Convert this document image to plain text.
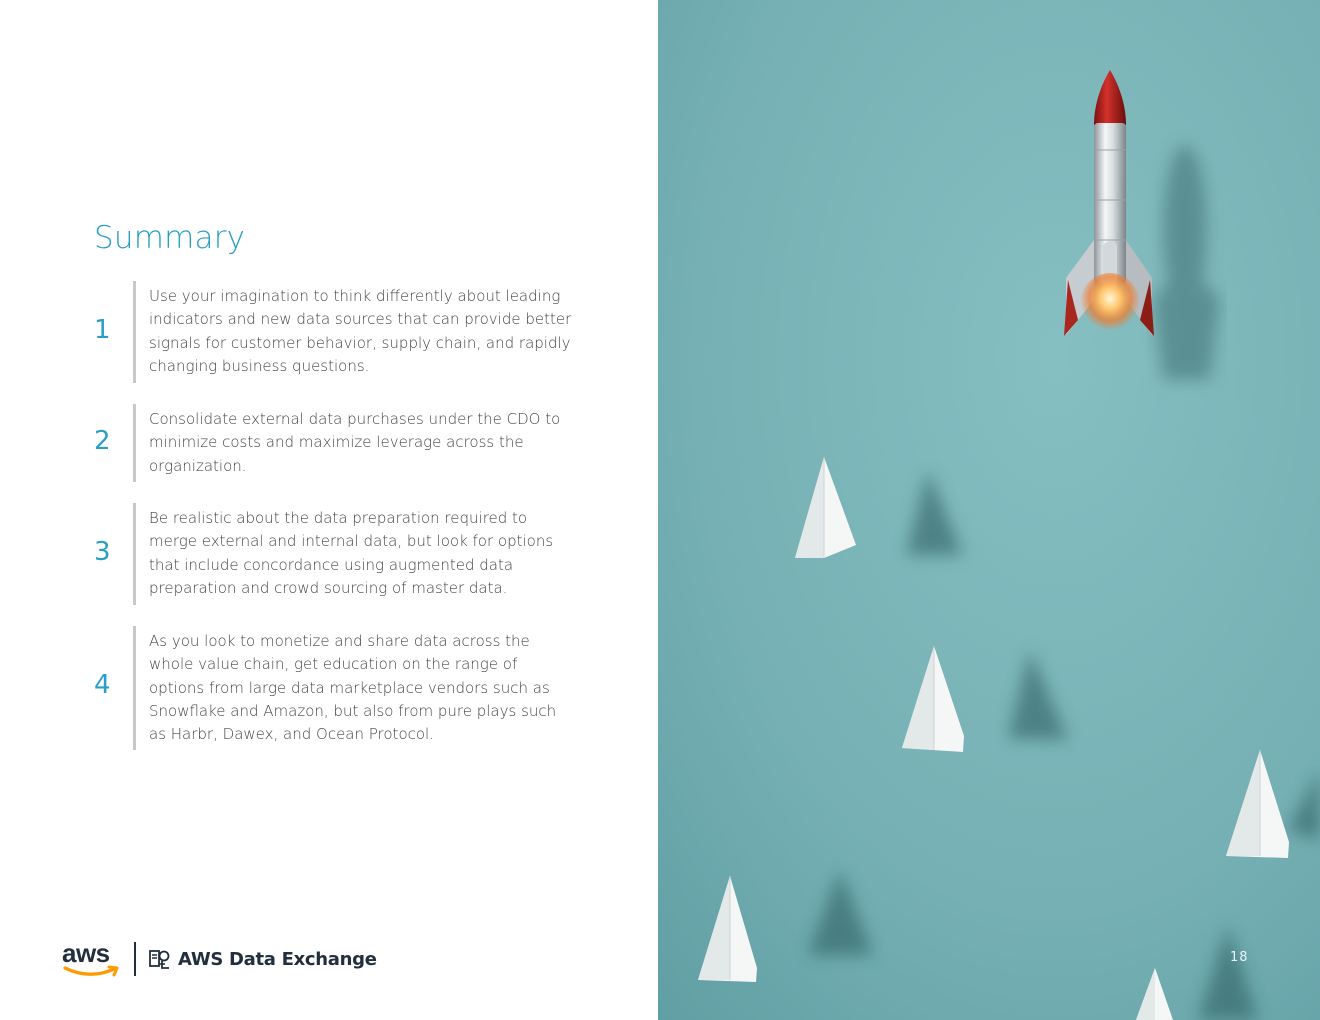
Summary
1
Use your imagination to think differently about leading indicators and new data sources that can provide better signals for customer behavior, supply chain, and rapidly changing business questions.
2
Consolidate external data purchases under the CDO to minimize costs and maximize leverage across the organization.
3
Be realistic about the data preparation required to merge external and internal data, but look for options that include concordance using augmented data preparation and crowd sourcing of master data.
4
As you look to monetize and share data across the whole value chain, get education on the range of options from large data marketplace vendors such as Snowflake and Amazon, but also from pure plays such as Harbr, Dawex, and Ocean Protocol.
aws	AWS Data Exchange	18
